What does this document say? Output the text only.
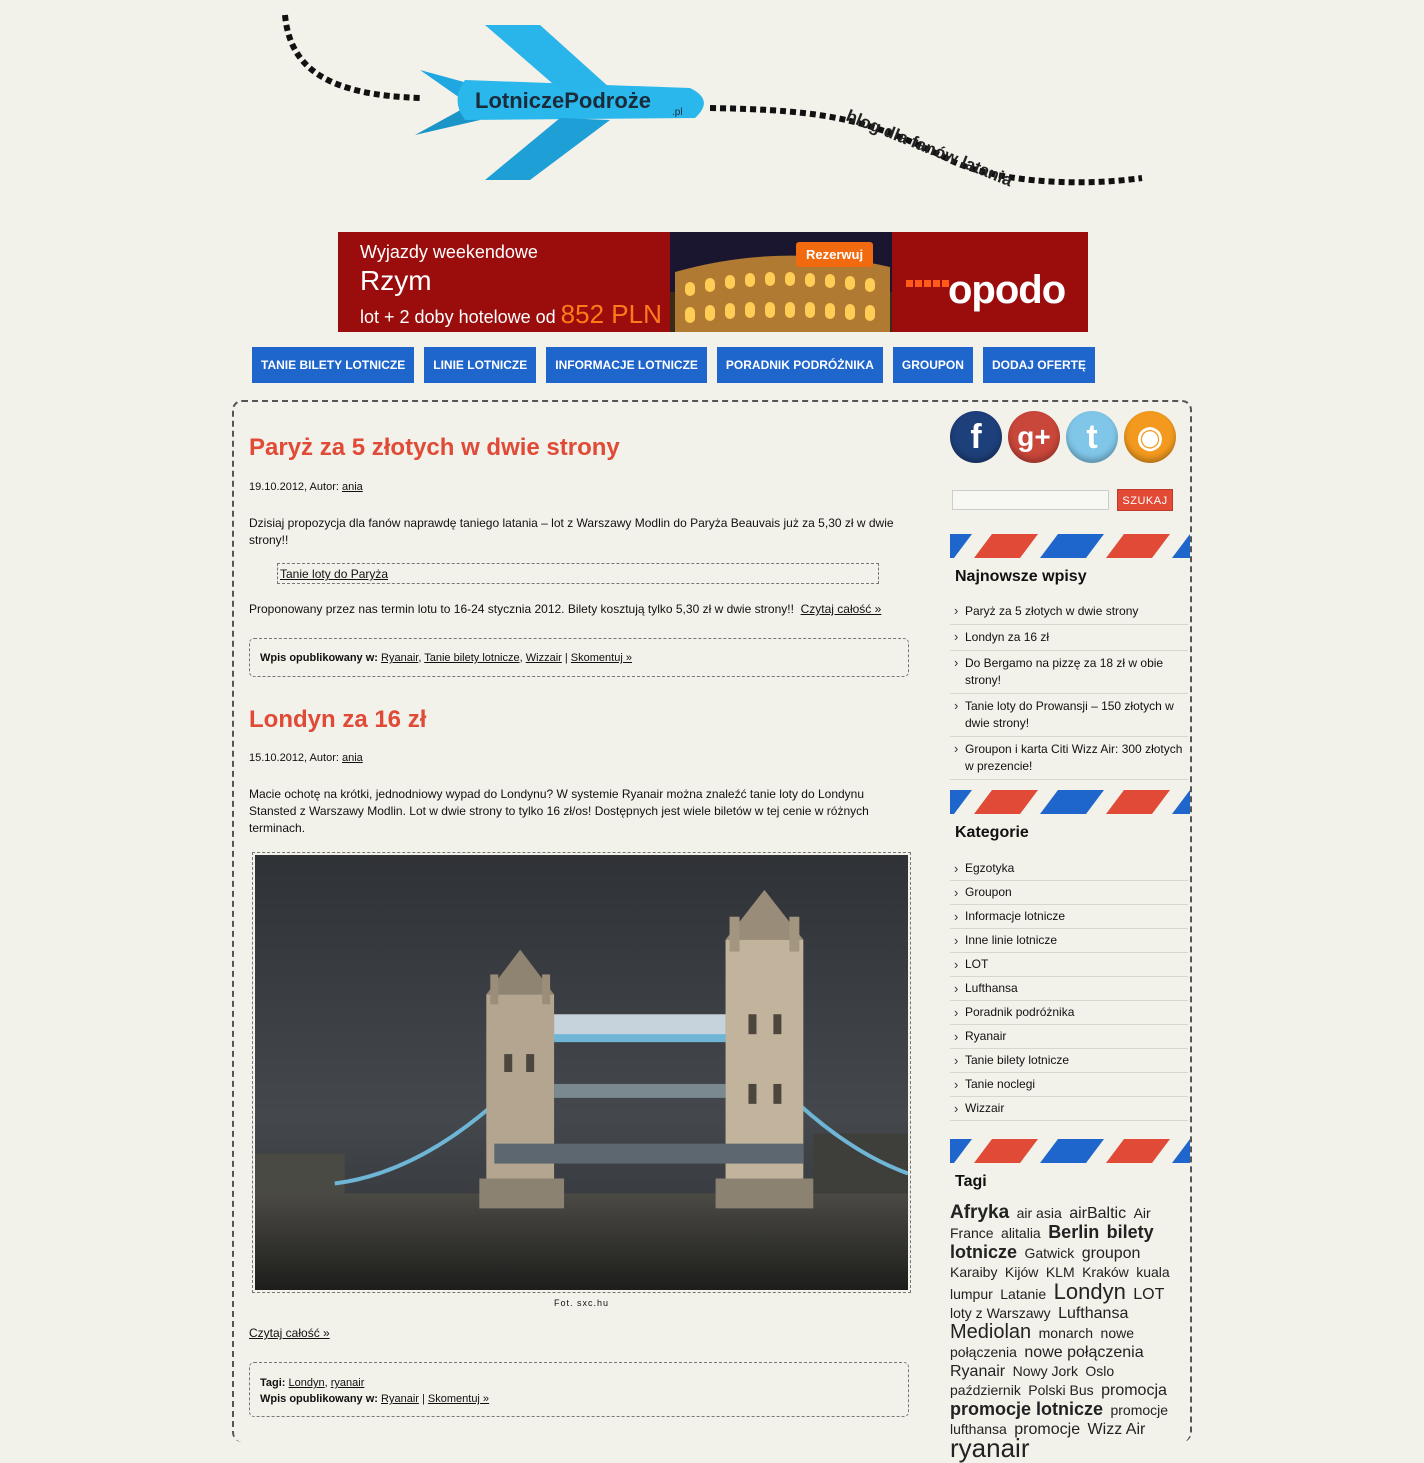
LotniczePodroże .pl	blog dla fanów latania
Wyjazdy weekendowe
Rzym
lot + 2 doby hotelowe od 852 PLN
Rezerwuj
opodo
TANIE BILETY LOTNICZE	LINIE LOTNICZE	INFORMACJE LOTNICZE	PORADNIK PODRÓŻNIKA	GROUPON	DODAJ OFERTĘ
Paryż za 5 złotych w dwie strony
19.10.2012, Autor: ania
Dzisiaj propozycja dla fanów naprawdę taniego latania – lot z Warszawy Modlin do Paryża Beauvais już za 5,30 zł w dwie strony!!
Tanie loty do Paryża
Proponowany przez nas termin lotu to 16-24 stycznia 2012. Bilety kosztują tylko 5,30 zł w dwie strony!! Czytaj całość »
Wpis opublikowany w: Ryanair, Tanie bilety lotnicze, Wizzair | Skomentuj »
Londyn za 16 zł
15.10.2012, Autor: ania
Macie ochotę na krótki, jednodniowy wypad do Londynu? W systemie Ryanair można znaleźć tanie loty do Londynu Stansted z Warszawy Modlin. Lot w dwie strony to tylko 16 zł/os! Dostępnych jest wiele biletów w tej cenie w różnych terminach.
Fot. sxc.hu
Czytaj całość »
Tagi: Londyn, ryanair
Wpis opublikowany w: Ryanair | Skomentuj »
f	g+	t	◉
SZUKAJ
Najnowsze wpisy
› Paryż za 5 złotych w dwie strony
› Londyn za 16 zł
› Do Bergamo na pizzę za 18 zł w obie strony!
› Tanie loty do Prowansji – 150 złotych w dwie strony!
› Groupon i karta Citi Wizz Air: 300 złotych w prezencie!
Kategorie
› Egzotyka
› Groupon
› Informacje lotnicze
› Inne linie lotnicze
› LOT
› Lufthansa
› Poradnik podróżnika
› Ryanair
› Tanie bilety lotnicze
› Tanie noclegi
› Wizzair
Tagi
Afryka air asia airBaltic Air France alitalia Berlin bilety lotnicze Gatwick groupon Karaiby Kijów KLM Kraków kuala lumpur Latanie Londyn LOT loty z Warszawy Lufthansa Mediolan monarch nowe połączenia nowe połączenia Ryanair Nowy Jork Oslo październik Polski Bus promocja promocje lotnicze promocje lufthansa promocje Wizz Air ryanair
